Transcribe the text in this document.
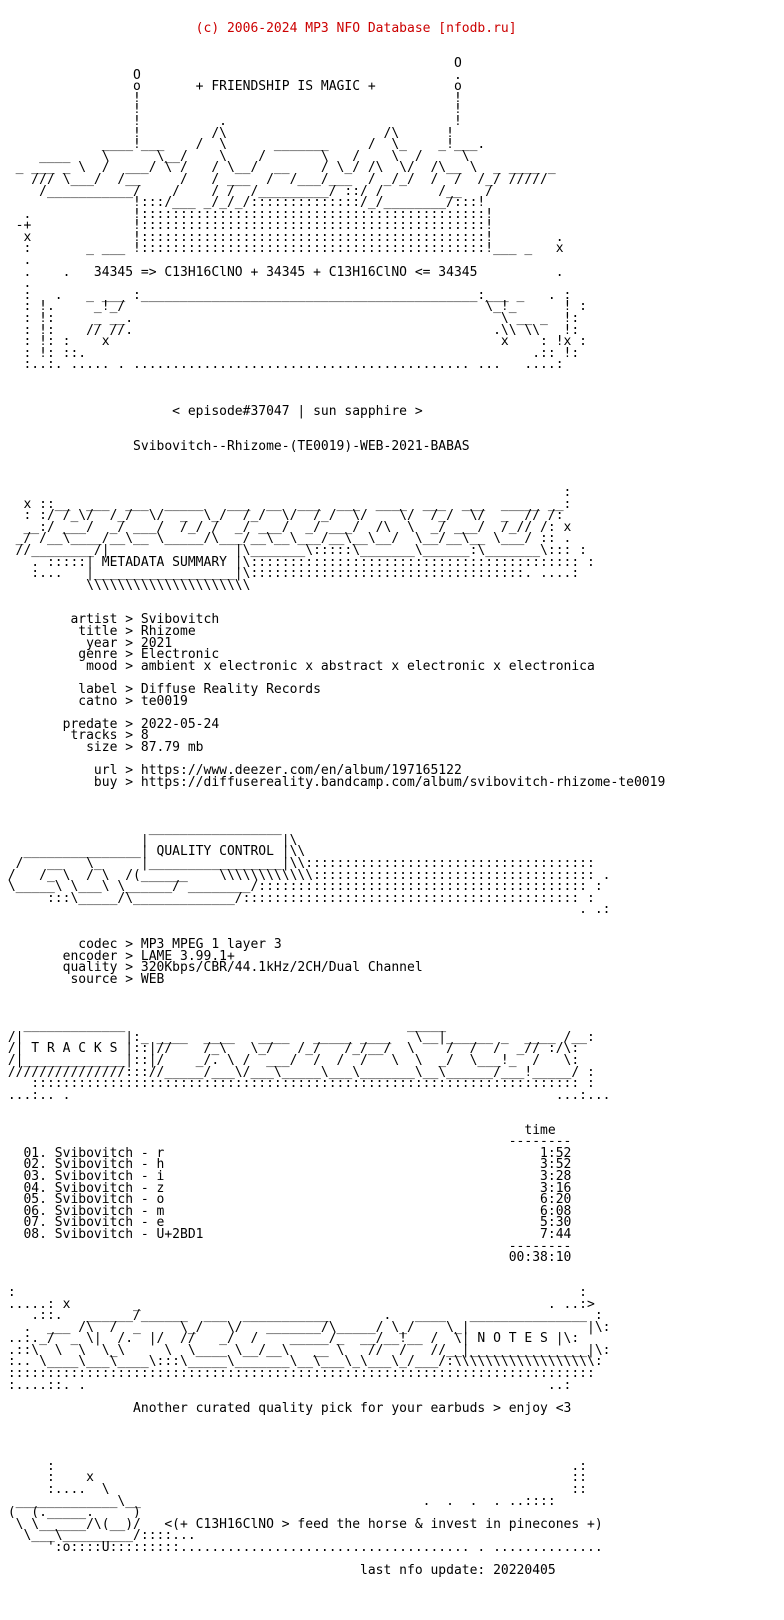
(c) 2006-2024 MP3 NFO Database [nfodb.ru]

O
O                                        .
o       + FRIENDSHIP IS MAGIC +          o
!                                        !
!                                        !
!          .                             !
!         /\                    /\      !
____!___    /  \      _______     /  \_    _!___.
____    \      \__/    \    /       \   /    \  /     \
_ ___ _ \  /  ___/ \ /   / \__/  __    / \_/ /\  \/  /\__ \  _ ____ _
/// \___/  /__     /   / ___  /  /___/___  / _/_/  /  /  /_/ /////
/___________/    /    / /  /_________/ ::/ /       /__   /
!:::/___ _/_/_/::::::::::::::/_/________/:::!
.             !::::::::::::::::::::::::::::::::::::::::::::!
-+             !::::::::::::::::::::::::::::::::::::::::::::!
x             !::::::::::::::::::::::::::::::::::::::::::::!        .
:       _ ___ !::::::::::::::::::::::::::::::::::::::::::::!___ _   x
.
.    .   34345 => C13H16ClNO + 34345 + C13H16ClNO <= 34345          .
.
:   .   _ ___ :___________________________________________:___ _   . :
: !.     _!_/                                              \_!_      ! :
: !:     _ __.                                               \ __ _  !:
: !:    // //.                                              .\\ \\   !:
: !: :    x                                                  x    : !x :
: !: ::.                                                         .:: !:
:..:. ..... . ........................................... ...   ....:
< episode#37047 | sun sapphire >
Svibovitch--Rhizome-(TE0019)-WEB-2021-BABAS
:
x ::__  ___  ___  _____   ___  __  ___  ___  ____  ___  ___  _____ __:
: :/ /_\/  /_/  \/  _  \_/  /_/  \/  /_/  \/    \/  /_/  \/  _  // /:
__:/ ___/  _/ ___/  /_/ /  _/ ___/  _/ ___/  /\  \  _/ ___/  /_// /: x
_/ /__\____/__\__ \_____/\___/__\__\___/__\__\__/  \__/__\__ \___/ :: .
//________/|                |\_______\:::::\_______\______:\_______\::: :
. :::::| METADATA SUMMARY |\:::::::::::::::::::::::::::::::::::::::::: :
:...   |__________________|\:::::::::::::::::::::::::::::::::::. ....:
\\\\\\\\\\\\\\\\\\\\\
artist > Svibovitch
title > Rhizome
year > 2021
genre > Electronic
mood > ambient x electronic x abstract x electronic x electronica
label > Diffuse Reality Records
catno > te0019
predate > 2022-05-24
tracks > 8
size > 87.79 mb
url > https://www.deezer.com/en/album/197165122
buy > https://diffusereality.bandcamp.com/album/svibovitch-rhizome-te0019
_________________
|                 |\
_______________| QUALITY CONTROL |\\
/   __   \_     |_________________|\\:::::::::::::::::::::::::::::::::::::
/   /_ \  / \  /(______    \\\\\\\\\\\\:::::::::::::::::::::::::::::::::::: .
\_____\ \___\ \______/ ________/:::::::::::::::::::::::::::::::::::::::::: :
:::\_____/\_____________/::::::::::::::::::::::::::::::::::::::::::: :
. .:
codec > MP3 MPEG 1 layer 3
encoder > LAME 3.99.1+
quality > 320Kbps/CBR/44.1kHz/2CH/Dual Channel
source > WEB
_____________                                    _____
/|             |:_ ____  ____   ____   _____ ____   \__|______ _  ____ /__:
/| T R A C K S |::|//    /_\   \_/   /_/   /_/__/  \    /  /  /  _// :/\:
/|_____________|::|/    _/. \ /  ___/  /  /  /   \  \  _/  \___!_  /   \:
///////////////::://_____/___\/___\_____\___\_______\__\______/___!_____/ :
:::::::::::::::::::::::::::::::::::::::::::::::::::::::::::::::::::::: :
...:.. .                                                              ...:...
time
--------
01. Svibovitch - r                                                1:52
02. Svibovitch - h                                                3:52
03. Svibovitch - i                                                3:28
04. Svibovitch - z                                                3:16
05. Svibovitch - o                                                6:20
06. Svibovitch - m                                                6:08
07. Svibovitch - e                                                5:30
08. Svibovitch - U+2BD1                                           7:44
--------
00:38:10
:                                                                        :
.....: x        _                                                    . ..:>
.::.   ______/______  ___  ___________       .   ____   _______________ :
.  ___ /\  /  _     \_/   \/   _______/\_____/ \_/    \_|               |\:
..:._/  _ \|  /.  |/  //   _/  /    _____/_  __/__!__ /  \| N O T E S |\:
.::\  \  \  \_\     \  \____ \__/__\   __ \   //  /   //__|_______________|\:
:.. \____\___\____\:::\_____\_______\__\___\_\___\_/___/:\\\\\\\\\\\\\\\\\\:
:::::::::::::::::::::::::::::::::::::::::::::::::::::::::::::::::::::::::::
:....::. .                                                           ..:
Another curated quality pick for your earbuds > enjoy <3
:                                                                  .:
:    x                                                             ::
:....  \                                                           ::
_____________\__                                    .  .  .  . ..::::
(  (._____.     )
\ \______/\(__)/   <(+ C13H16ClNO > feed the horse & invest in pinecones +)
\___\_________/::::...
':o::::U:::::::::..................................... . ..............
last nfo update: 20220405
